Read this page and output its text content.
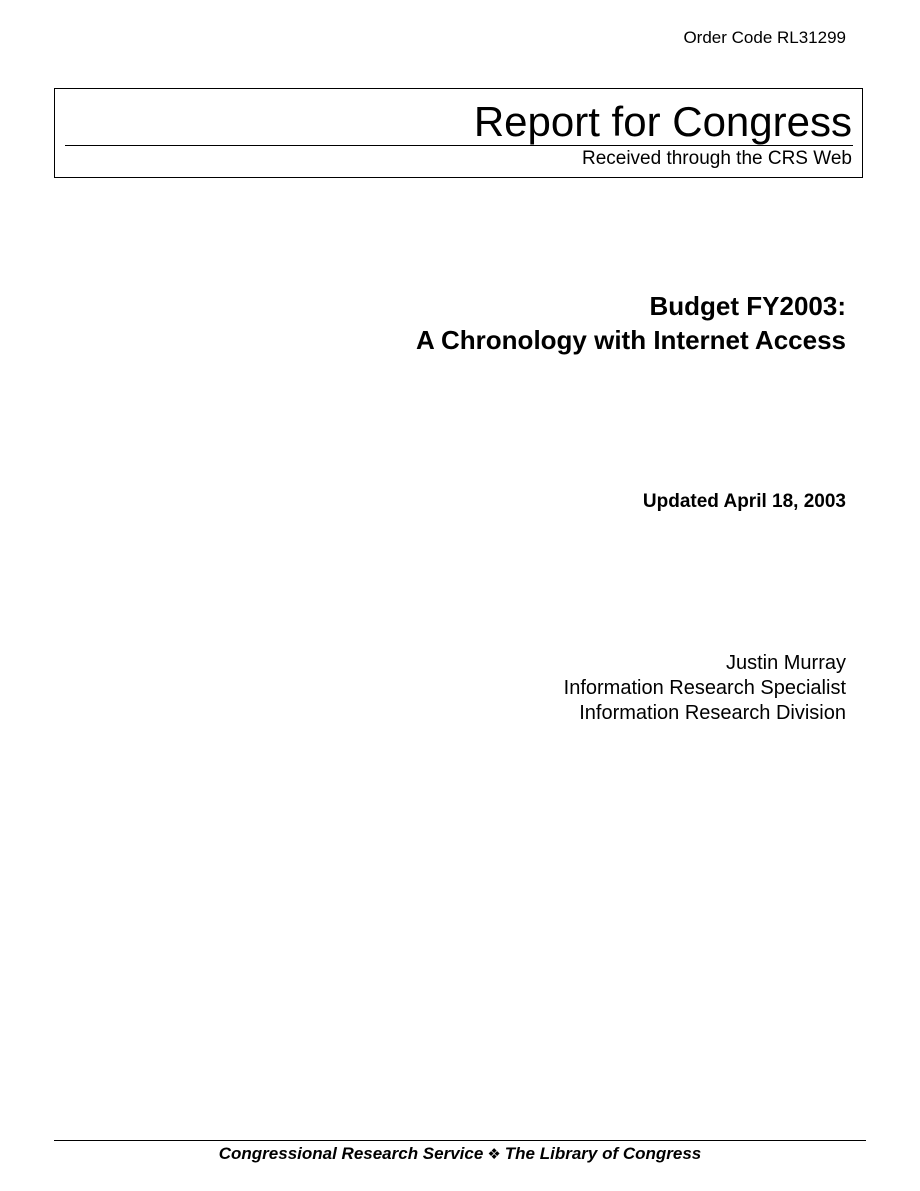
Order Code RL31299
Report for Congress
Received through the CRS Web
Budget FY2003:
A Chronology with Internet Access
Updated April 18, 2003
Justin Murray
Information Research Specialist
Information Research Division
Congressional Research Service ❖ The Library of Congress
